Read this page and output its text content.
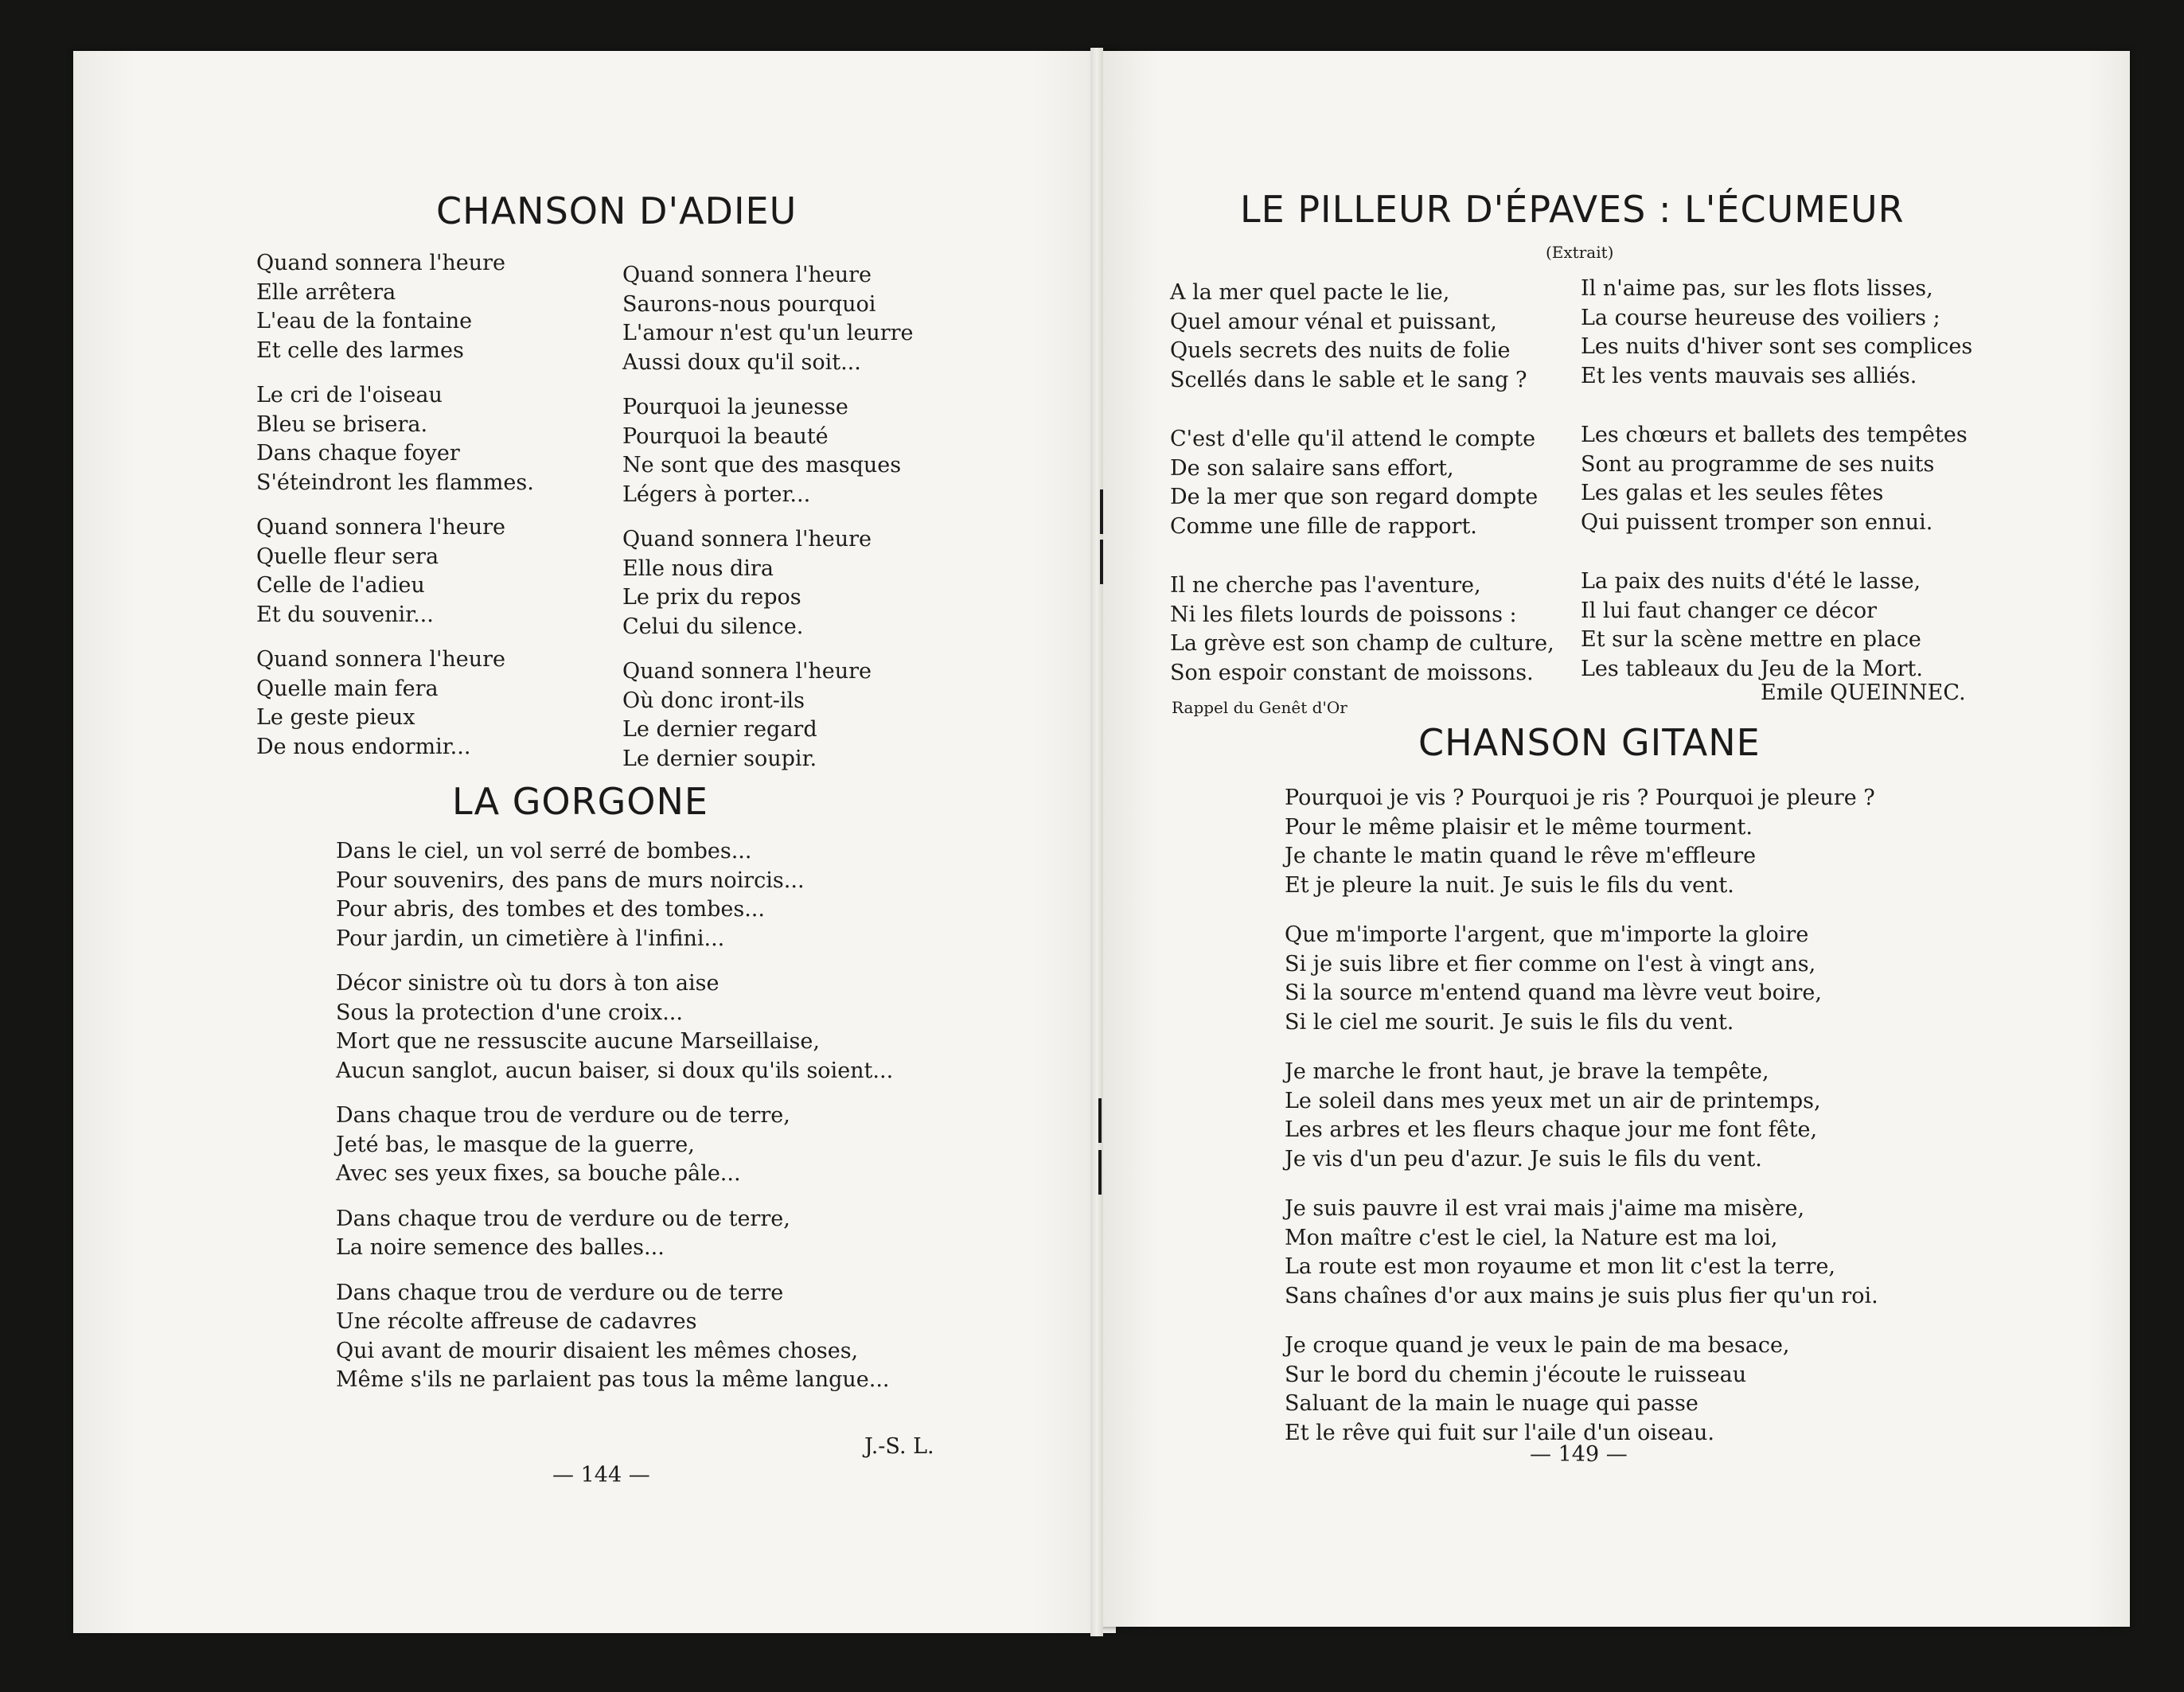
CHANSON D'ADIEU
Quand sonnera l'heure
Elle arrêtera
L'eau de la fontaine
Et celle des larmes
Le cri de l'oiseau
Bleu se brisera.
Dans chaque foyer
S'éteindront les flammes.
Quand sonnera l'heure
Quelle fleur sera
Celle de l'adieu
Et du souvenir...
Quand sonnera l'heure
Quelle main fera
Le geste pieux
De nous endormir...
Quand sonnera l'heure
Saurons-nous pourquoi
L'amour n'est qu'un leurre
Aussi doux qu'il soit...
Pourquoi la jeunesse
Pourquoi la beauté
Ne sont que des masques
Légers à porter...
Quand sonnera l'heure
Elle nous dira
Le prix du repos
Celui du silence.
Quand sonnera l'heure
Où donc iront-ils
Le dernier regard
Le dernier soupir.
LA GORGONE
Dans le ciel, un vol serré de bombes...
Pour souvenirs, des pans de murs noircis...
Pour abris, des tombes et des tombes...
Pour jardin, un cimetière à l'infini...
Décor sinistre où tu dors à ton aise
Sous la protection d'une croix...
Mort que ne ressuscite aucune Marseillaise,
Aucun sanglot, aucun baiser, si doux qu'ils soient...
Dans chaque trou de verdure ou de terre,
Jeté bas, le masque de la guerre,
Avec ses yeux fixes, sa bouche pâle...
Dans chaque trou de verdure ou de terre,
La noire semence des balles...
Dans chaque trou de verdure ou de terre
Une récolte affreuse de cadavres
Qui avant de mourir disaient les mêmes choses,
Même s'ils ne parlaient pas tous la même langue...
J.-S. L.
— 144 —
LE PILLEUR D'ÉPAVES : L'ÉCUMEUR
(Extrait)
A la mer quel pacte le lie,
Quel amour vénal et puissant,
Quels secrets des nuits de folie
Scellés dans le sable et le sang ?
C'est d'elle qu'il attend le compte
De son salaire sans effort,
De la mer que son regard dompte
Comme une fille de rapport.
Il ne cherche pas l'aventure,
Ni les filets lourds de poissons :
La grève est son champ de culture,
Son espoir constant de moissons.
Il n'aime pas, sur les flots lisses,
La course heureuse des voiliers ;
Les nuits d'hiver sont ses complices
Et les vents mauvais ses alliés.
Les chœurs et ballets des tempêtes
Sont au programme de ses nuits
Les galas et les seules fêtes
Qui puissent tromper son ennui.
La paix des nuits d'été le lasse,
Il lui faut changer ce décor
Et sur la scène mettre en place
Les tableaux du Jeu de la Mort.
Rappel du Genêt d'Or
Emile QUEINNEC.
CHANSON GITANE
Pourquoi je vis ? Pourquoi je ris ? Pourquoi je pleure ?
Pour le même plaisir et le même tourment.
Je chante le matin quand le rêve m'effleure
Et je pleure la nuit. Je suis le fils du vent.
Que m'importe l'argent, que m'importe la gloire
Si je suis libre et fier comme on l'est à vingt ans,
Si la source m'entend quand ma lèvre veut boire,
Si le ciel me sourit. Je suis le fils du vent.
Je marche le front haut, je brave la tempête,
Le soleil dans mes yeux met un air de printemps,
Les arbres et les fleurs chaque jour me font fête,
Je vis d'un peu d'azur. Je suis le fils du vent.
Je suis pauvre il est vrai mais j'aime ma misère,
Mon maître c'est le ciel, la Nature est ma loi,
La route est mon royaume et mon lit c'est la terre,
Sans chaînes d'or aux mains je suis plus fier qu'un roi.
Je croque quand je veux le pain de ma besace,
Sur le bord du chemin j'écoute le ruisseau
Saluant de la main le nuage qui passe
Et le rêve qui fuit sur l'aile d'un oiseau.
— 149 —
